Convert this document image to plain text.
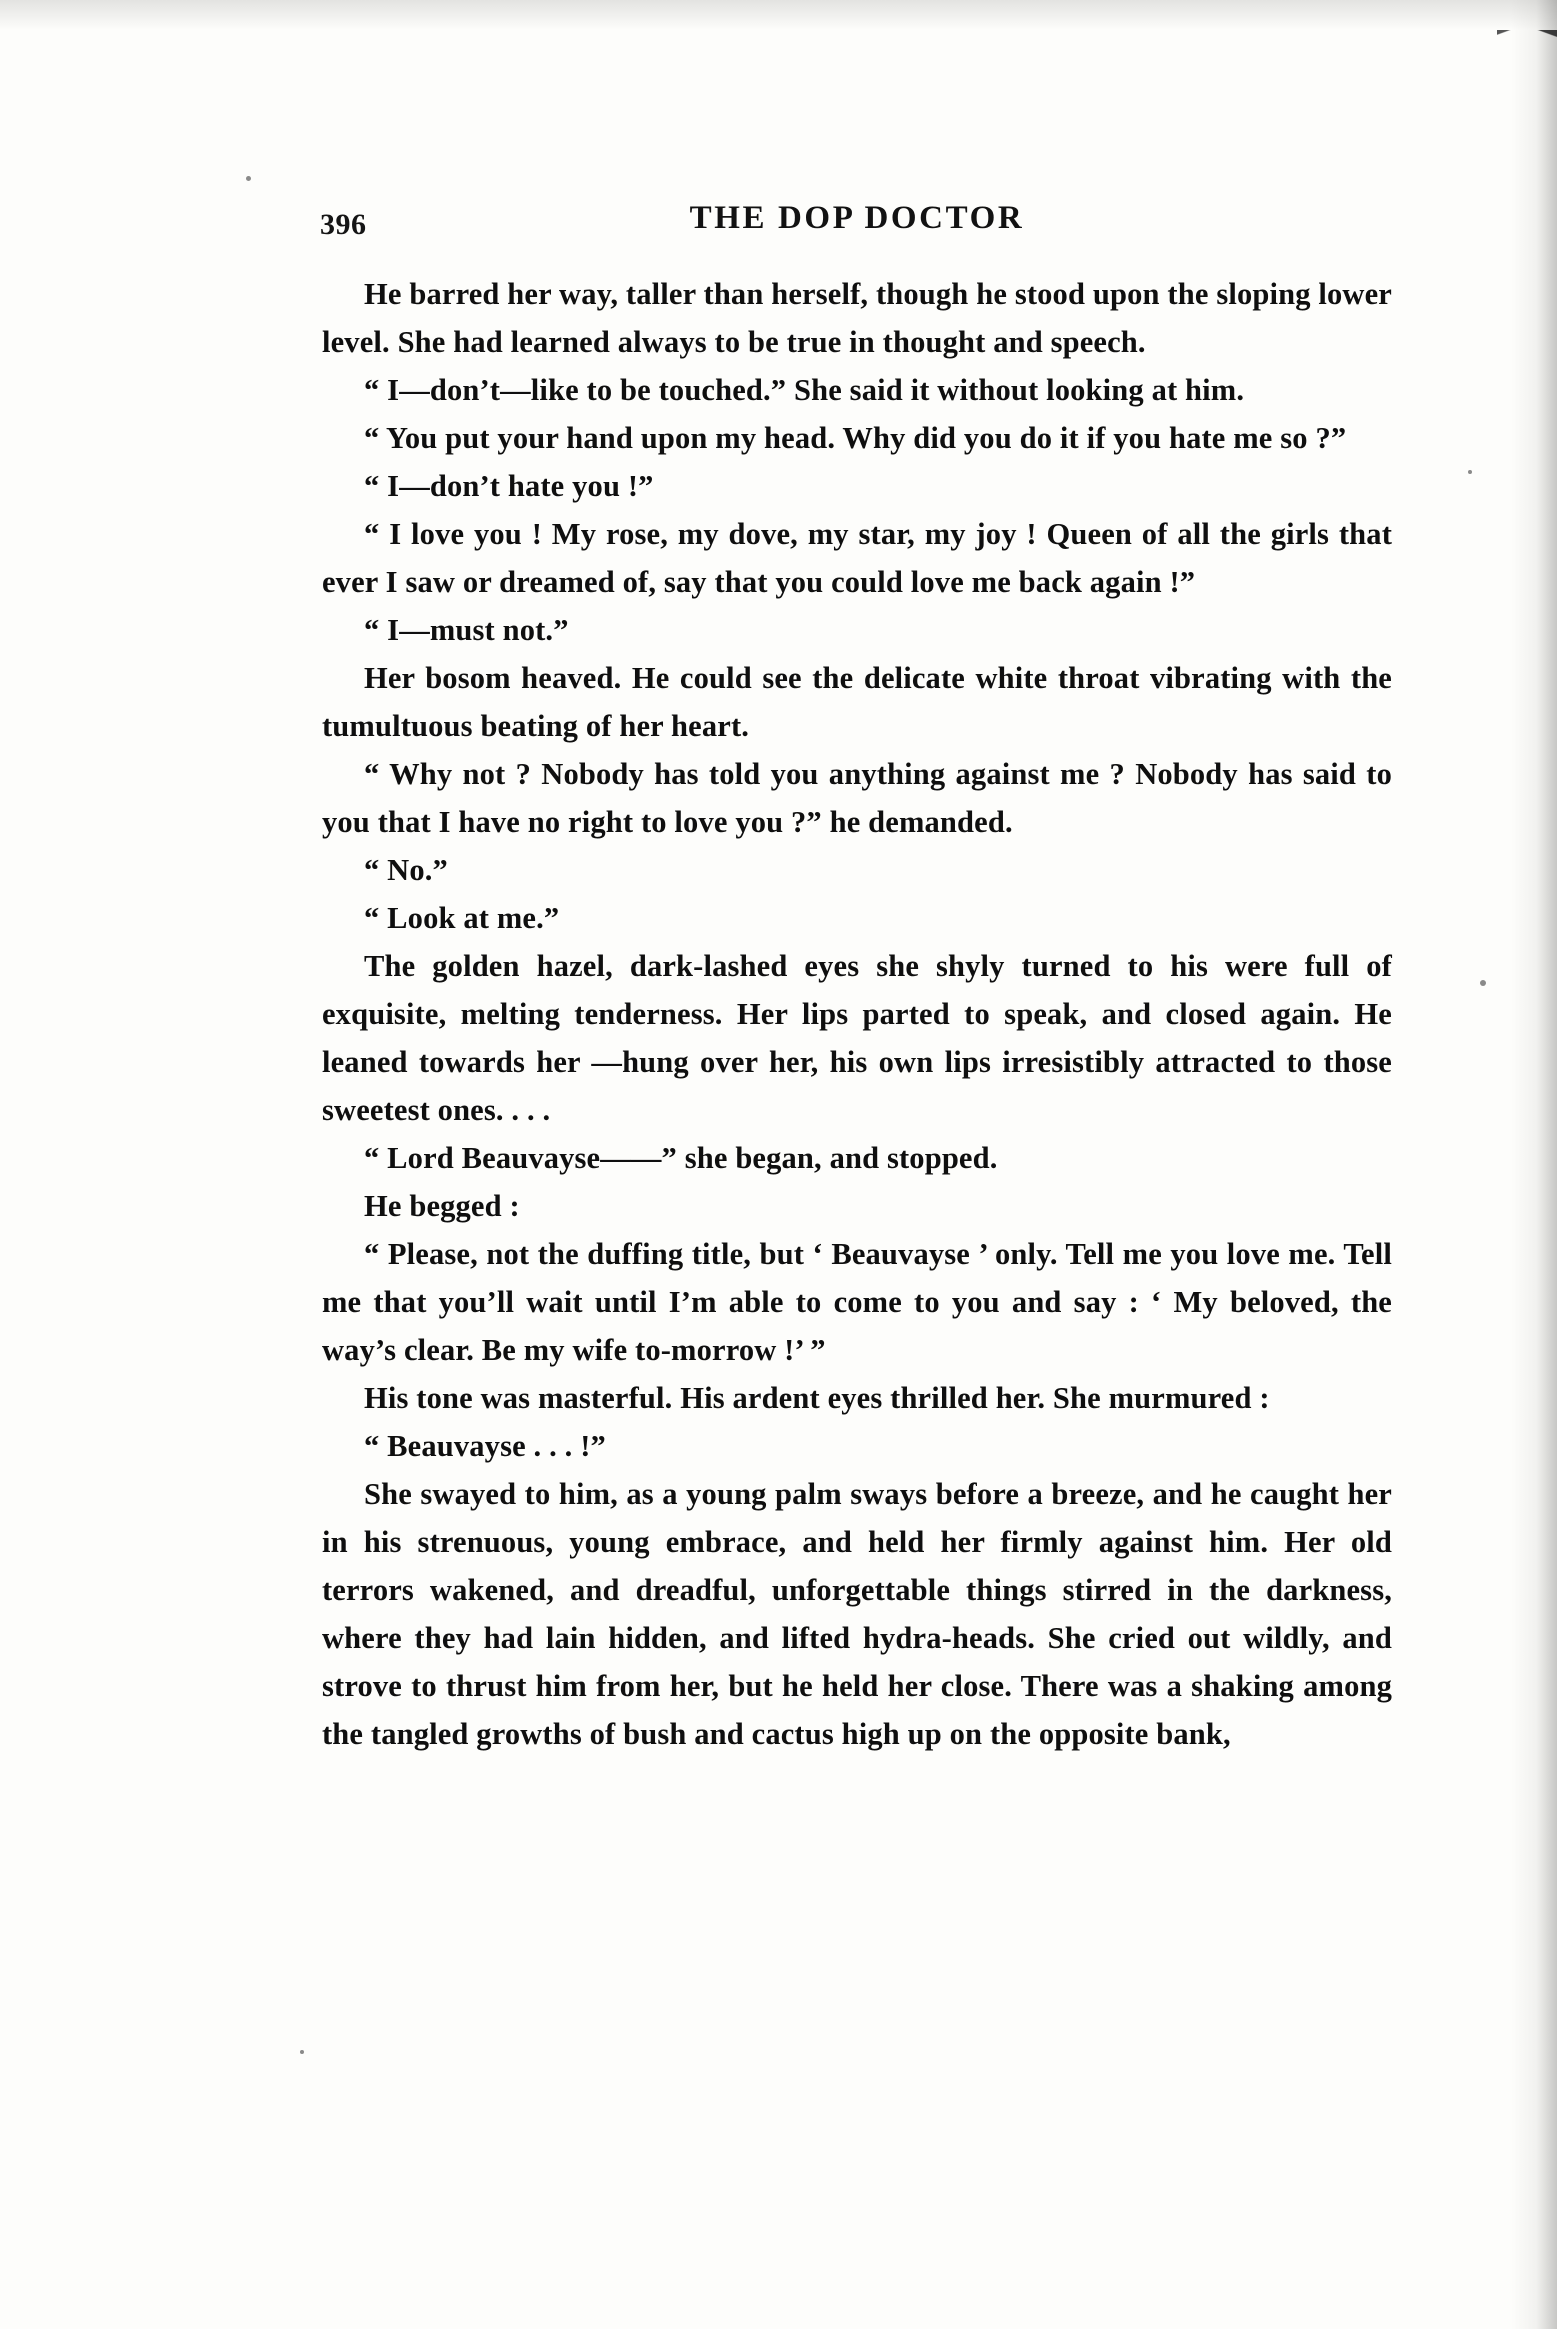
396	THE DOP DOCTOR

He barred her way, taller than herself, though he stood upon the sloping lower level. She had learned always to be true in thought and speech.

“ I—don’t—like to be touched.” She said it without looking at him.

“ You put your hand upon my head. Why did you do it if you hate me so ?”

“ I—don’t hate you !”

“ I love you ! My rose, my dove, my star, my joy ! Queen of all the girls that ever I saw or dreamed of, say that you could love me back again !”

“ I—must not.”

Her bosom heaved. He could see the delicate white throat vibrating with the tumultuous beating of her heart.

“ Why not ? Nobody has told you anything against me ? Nobody has said to you that I have no right to love you ?” he demanded.

“ No.”

“ Look at me.”

The golden hazel, dark-lashed eyes she shyly turned to his were full of exquisite, melting tenderness. Her lips parted to speak, and closed again. He leaned towards her —hung over her, his own lips irresistibly attracted to those sweetest ones. . . .

“ Lord Beauvayse——” she began, and stopped.

He begged :

“ Please, not the duffing title, but ‘ Beauvayse ’ only. Tell me you love me. Tell me that you’ll wait until I’m able to come to you and say : ‘ My beloved, the way’s clear. Be my wife to-morrow !’ ”

His tone was masterful. His ardent eyes thrilled her. She murmured :

“ Beauvayse . . . !”

She swayed to him, as a young palm sways before a breeze, and he caught her in his strenuous, young embrace, and held her firmly against him. Her old terrors wakened, and dreadful, unforgettable things stirred in the darkness, where they had lain hidden, and lifted hydra-heads. She cried out wildly, and strove to thrust him from her, but he held her close. There was a shaking among the tangled growths of bush and cactus high up on the opposite bank,
